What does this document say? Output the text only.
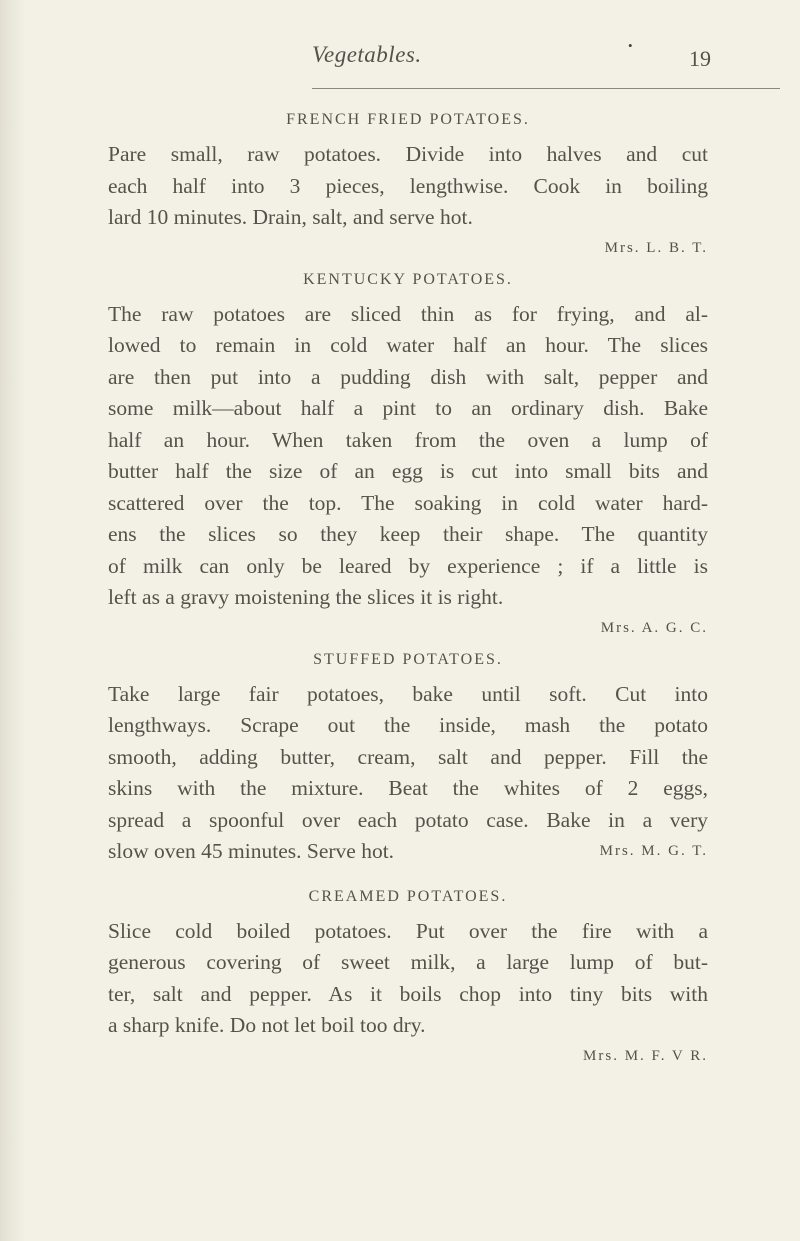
Vegetables.	•
19
FRENCH FRIED POTATOES.
Pare small, raw potatoes. Divide into halves and cut
each half into 3 pieces, lengthwise. Cook in boiling
lard 10 minutes. Drain, salt, and serve hot.
Mrs. L. B. T.
KENTUCKY POTATOES.
The raw potatoes are sliced thin as for frying, and al-
lowed to remain in cold water half an hour. The slices
are then put into a pudding dish with salt, pepper and
some milk—about half a pint to an ordinary dish. Bake
half an hour. When taken from the oven a lump of
butter half the size of an egg is cut into small bits and
scattered over the top. The soaking in cold water hard-
ens the slices so they keep their shape. The quantity
of milk can only be leared by experience ; if a little is
left as a gravy moistening the slices it is right.
Mrs. A. G. C.
STUFFED POTATOES.
Take large fair potatoes, bake until soft. Cut into
lengthways. Scrape out the inside, mash the potato
smooth, adding butter, cream, salt and pepper. Fill the
skins with the mixture. Beat the whites of 2 eggs,
spread a spoonful over each potato case. Bake in a very
slow oven 45 minutes. Serve hot.	Mrs. M. G. T.
CREAMED POTATOES.
Slice cold boiled potatoes. Put over the fire with a
generous covering of sweet milk, a large lump of but-
ter, salt and pepper. As it boils chop into tiny bits with
a sharp knife. Do not let boil too dry.
Mrs. M. F. V R.
